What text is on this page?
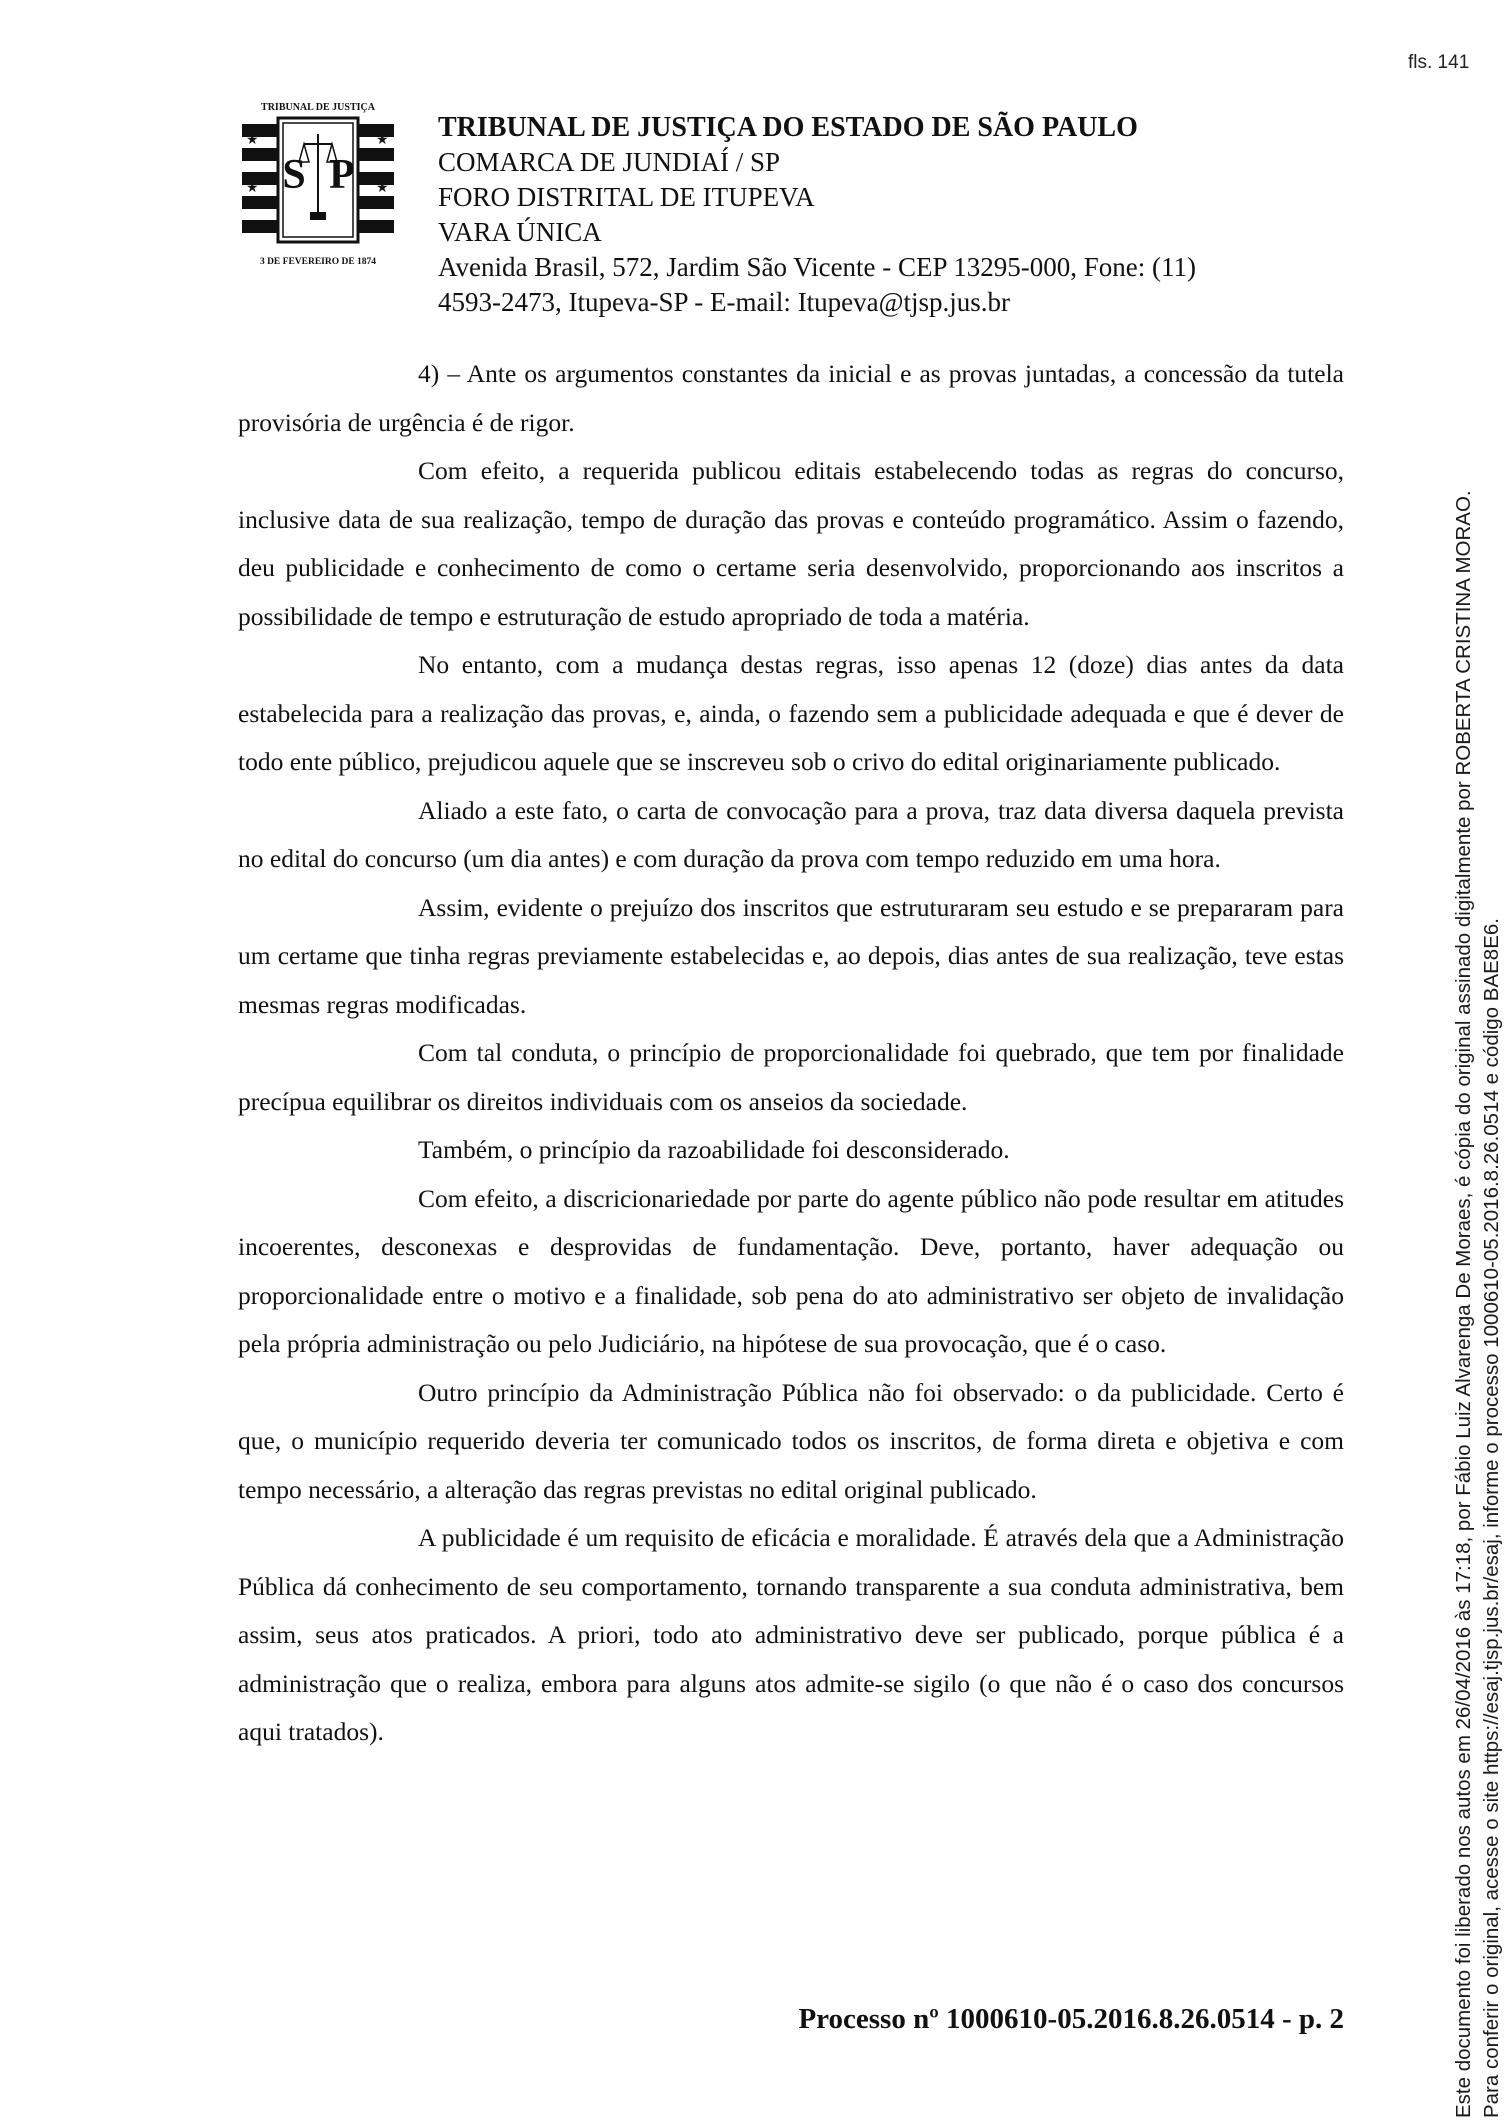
fls. 141
TRIBUNAL DE JUSTIÇA
S P
★	★
★	★
3 DE FEVEREIRO DE 1874
TRIBUNAL DE JUSTIÇA DO ESTADO DE SÃO PAULO
COMARCA DE JUNDIAÍ / SP
FORO DISTRITAL DE ITUPEVA
VARA ÚNICA
Avenida Brasil, 572, Jardim São Vicente - CEP 13295-000, Fone: (11) 4593-2473, Itupeva-SP - E-mail: Itupeva@tjsp.jus.br

4) – Ante os argumentos constantes da inicial e as provas juntadas, a concessão da tutela provisória de urgência é de rigor.

Com efeito, a requerida publicou editais estabelecendo todas as regras do concurso, inclusive data de sua realização, tempo de duração das provas e conteúdo programático. Assim o fazendo, deu publicidade e conhecimento de como o certame seria desenvolvido, proporcionando aos inscritos a possibilidade de tempo e estruturação de estudo apropriado de toda a matéria.

No entanto, com a mudança destas regras, isso apenas 12 (doze) dias antes da data estabelecida para a realização das provas, e, ainda, o fazendo sem a publicidade adequada e que é dever de todo ente público, prejudicou aquele que se inscreveu sob o crivo do edital originariamente publicado.

Aliado a este fato, o carta de convocação para a prova, traz data diversa daquela prevista no edital do concurso (um dia antes) e com duração da prova com tempo reduzido em uma hora.

Assim, evidente o prejuízo dos inscritos que estruturaram seu estudo e se prepararam para um certame que tinha regras previamente estabelecidas e, ao depois, dias antes de sua realização, teve estas mesmas regras modificadas.

Com tal conduta, o princípio de proporcionalidade foi quebrado, que tem por finalidade precípua equilibrar os direitos individuais com os anseios da sociedade.

Também, o princípio da razoabilidade foi desconsiderado.

Com efeito, a discricionariedade por parte do agente público não pode resultar em atitudes incoerentes, desconexas e desprovidas de fundamentação. Deve, portanto, haver adequação ou proporcionalidade entre o motivo e a finalidade, sob pena do ato administrativo ser objeto de invalidação pela própria administração ou pelo Judiciário, na hipótese de sua provocação, que é o caso.

Outro princípio da Administração Pública não foi observado: o da publicidade. Certo é que, o município requerido deveria ter comunicado todos os inscritos, de forma direta e objetiva e com tempo necessário, a alteração das regras previstas no edital original publicado.

A publicidade é um requisito de eficácia e moralidade. É através dela que a Administração Pública dá conhecimento de seu comportamento, tornando transparente a sua conduta administrativa, bem assim, seus atos praticados. A priori, todo ato administrativo deve ser publicado, porque pública é a administração que o realiza, embora para alguns atos admite-se sigilo (o que não é o caso dos concursos aqui tratados).

Processo nº 1000610-05.2016.8.26.0514 - p. 2	Este documento foi liberado nos autos em 26/04/2016 às 17:18, por Fábio Luiz Alvarenga De Moraes, é cópia do original assinado digitalmente por ROBERTA CRISTINA MORAO. Para conferir o original, acesse o site https://esaj.tjsp.jus.br/esaj, informe o processo 1000610-05.2016.8.26.0514 e código BAE8E6.
